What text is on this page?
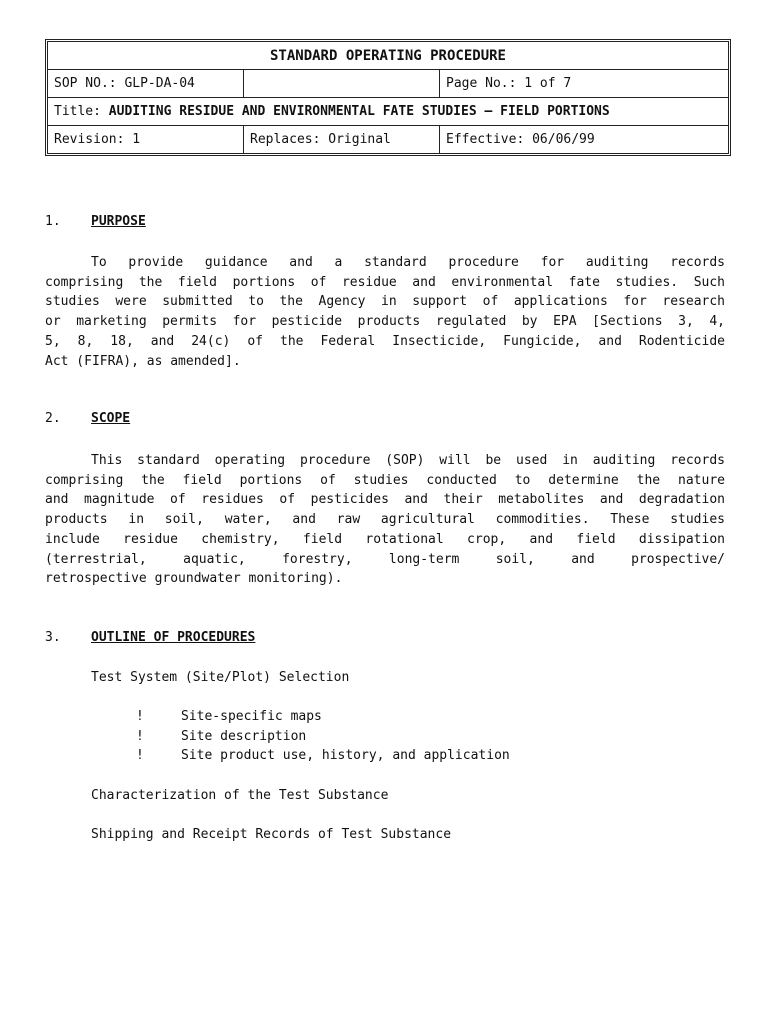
STANDARD OPERATING PROCEDURE
SOP NO.: GLP-DA-04	Page No.: 1 of 7
Title:
AUDITING RESIDUE AND ENVIRONMENTAL FATE STUDIES – FIELD PORTIONS
Revision: 1	Replaces: Original	Effective: 06/06/99
1. PURPOSE
To provide guidance and a standard procedure for auditing records
comprising the field portions of residue and environmental fate studies. Such
studies were submitted to the Agency in support of applications for research
or marketing permits for pesticide products regulated by EPA [Sections 3, 4,
5, 8, 18, and 24(c) of the Federal Insecticide, Fungicide, and Rodenticide
Act (FIFRA), as amended].
2. SCOPE
This standard operating procedure (SOP) will be used in auditing records
comprising the field portions of studies conducted to determine the nature
and magnitude of residues of pesticides and their metabolites and degradation
products in soil, water, and raw agricultural commodities. These studies
include residue chemistry, field rotational crop, and field dissipation
(terrestrial, aquatic, forestry, long-term soil, and prospective/
retrospective groundwater monitoring).
3. OUTLINE OF PROCEDURES
Test System (Site/Plot) Selection
!	Site-specific maps
!	Site description
!	Site product use, history, and application
Characterization of the Test Substance
Shipping and Receipt Records of Test Substance
